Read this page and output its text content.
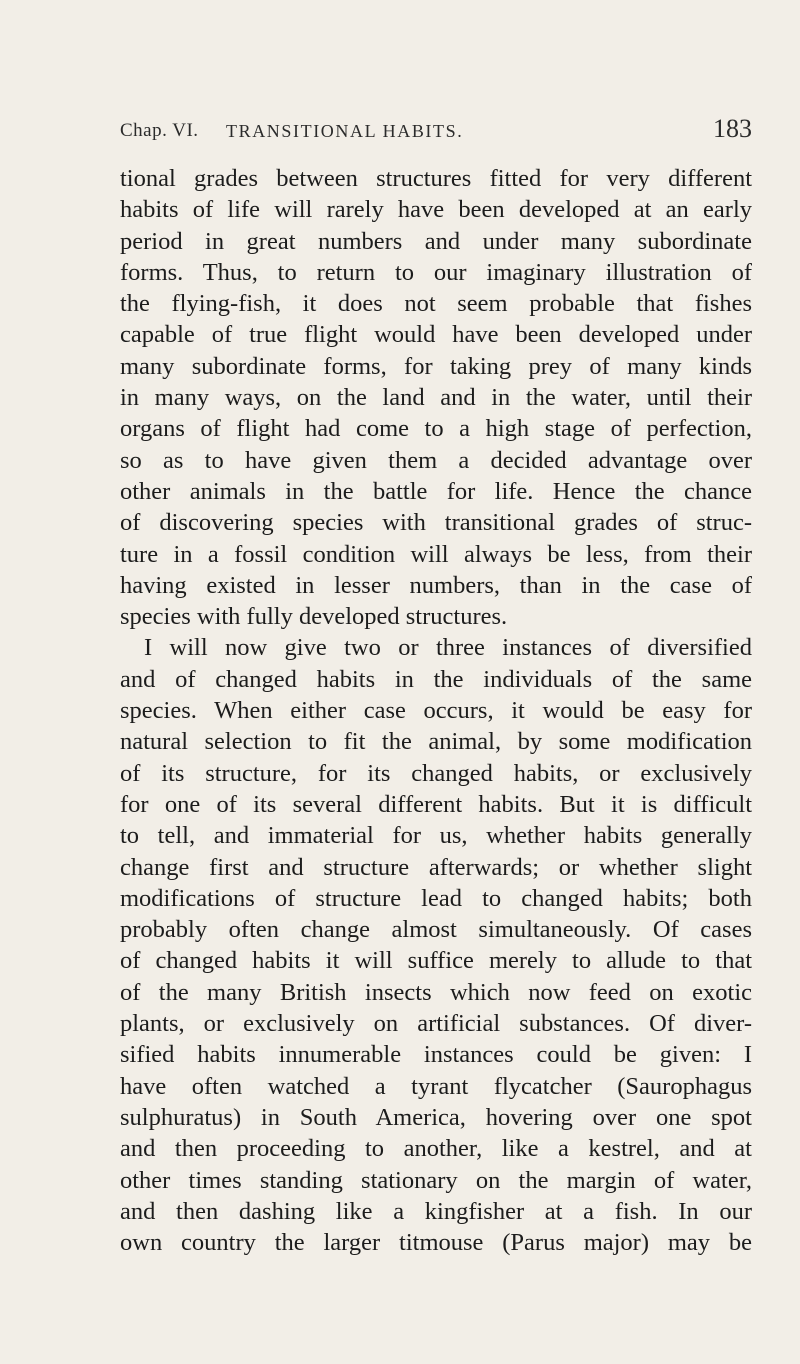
Chap. VI. TRANSITIONAL HABITS.	183
tional grades between structures fitted for very different
habits of life will rarely have been developed at an early
period in great numbers and under many subordinate
forms. Thus, to return to our imaginary illustration of
the flying-fish, it does not seem probable that fishes
capable of true flight would have been developed under
many subordinate forms, for taking prey of many kinds
in many ways, on the land and in the water, until their
organs of flight had come to a high stage of perfection,
so as to have given them a decided advantage over
other animals in the battle for life. Hence the chance
of discovering species with transitional grades of struc-
ture in a fossil condition will always be less, from their
having existed in lesser numbers, than in the case of
species with fully developed structures.
I will now give two or three instances of diversified
and of changed habits in the individuals of the same
species. When either case occurs, it would be easy for
natural selection to fit the animal, by some modification
of its structure, for its changed habits, or exclusively
for one of its several different habits. But it is difficult
to tell, and immaterial for us, whether habits generally
change first and structure afterwards; or whether slight
modifications of structure lead to changed habits; both
probably often change almost simultaneously. Of cases
of changed habits it will suffice merely to allude to that
of the many British insects which now feed on exotic
plants, or exclusively on artificial substances. Of diver-
sified habits innumerable instances could be given: I
have often watched a tyrant flycatcher (Saurophagus
sulphuratus) in South America, hovering over one spot
and then proceeding to another, like a kestrel, and at
other times standing stationary on the margin of water,
and then dashing like a kingfisher at a fish. In our
own country the larger titmouse (Parus major) may be
